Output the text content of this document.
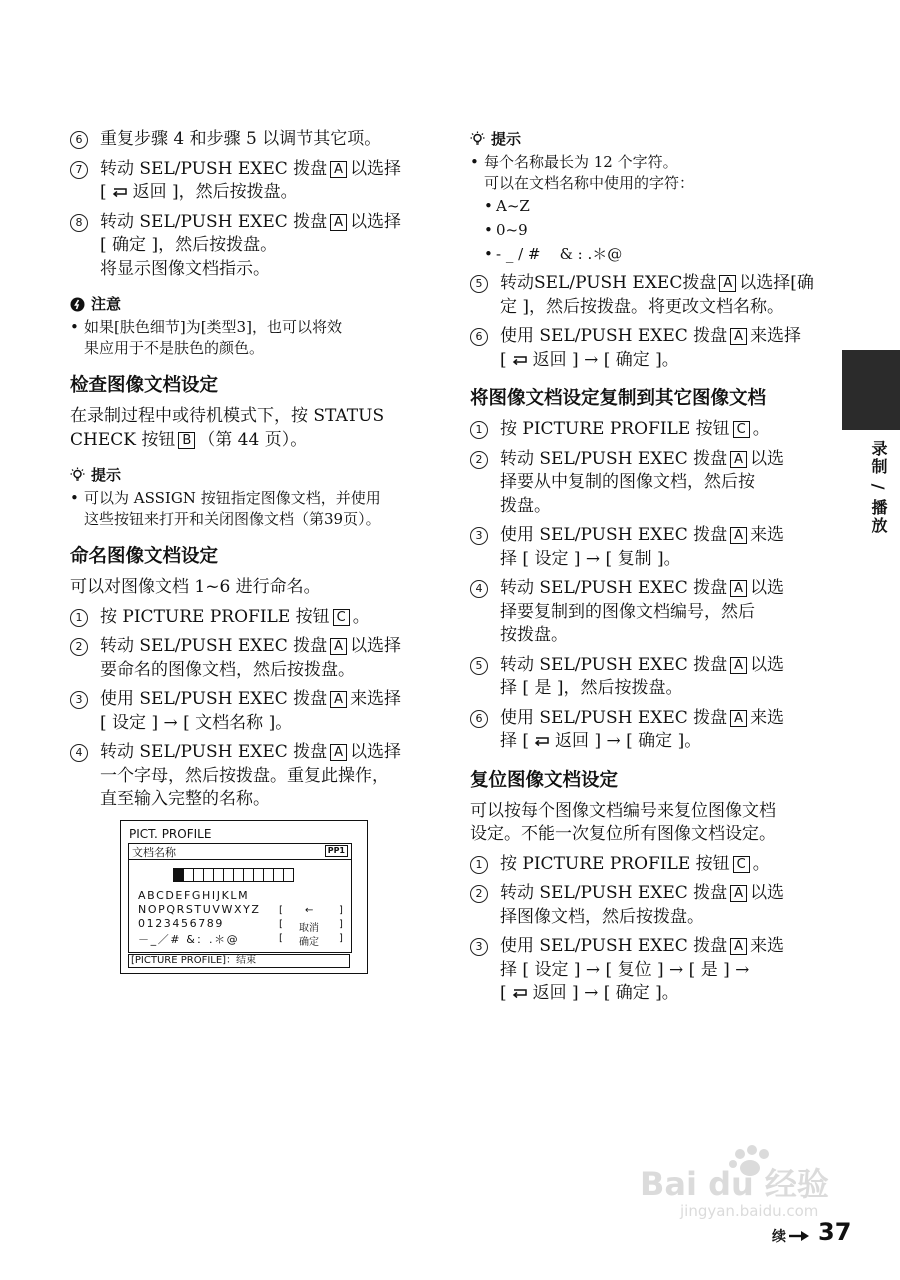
6	重复步骤 4 和步骤 5 以调节其它项。
7	转动 SEL/PUSH EXEC 拨盘 A 以选择
[ 返回 ]，然后按拨盘。
8	转动 SEL/PUSH EXEC 拨盘 A 以选择
[ 确定 ]，然后按拨盘。
将显示图像文档指示。
注意
• 如果[肤色细节]为[类型3]，也可以将效
果应用于不是肤色的颜色。
检查图像文档设定
在录制过程中或待机模式下，按 STATUS
CHECK 按钮 B （第 44 页）。
提示
• 可以为 ASSIGN 按钮指定图像文档，并使用
这些按钮来打开和关闭图像文档（第39页）。
命名图像文档设定
可以对图像文档 1~6 进行命名。
1	按 PICTURE PROFILE 按钮 C 。
2	转动 SEL/PUSH EXEC 拨盘 A 以选择
要命名的图像文档，然后按拨盘。
3	使用 SEL/PUSH EXEC 拨盘 A 来选择
[ 设定 ] → [ 文档名称 ]。
4	转动 SEL/PUSH EXEC 拨盘 A 以选择
一个字母，然后按拨盘。重复此操作，
直至输入完整的名称。
PICT. PROFILE
文档名称	PP1
ABCDEFGHIJKLM
NOPQRSTUVWXYZ
0123456789
－_／# &：.＊@
[ ←	]
[ 取消 ]
[ 确定 ]
[PICTURE PROFILE]：结束
提示
• 每个名称最长为 12 个字符。
可以在文档名称中使用的字符：
• A~Z
• 0~9
• - _ / #    & : .＊@
5	转动SEL/PUSH EXEC拨盘 A 以选择[确
定 ]，然后按拨盘。将更改文档名称。
6	使用 SEL/PUSH EXEC 拨盘 A 来选择
[ 返回 ] → [ 确定 ]。
将图像文档设定复制到其它图像文档
1	按 PICTURE PROFILE 按钮 C 。
2	转动 SEL/PUSH EXEC 拨盘 A 以选
择要从中复制的图像文档，然后按
拨盘。
3	使用 SEL/PUSH EXEC 拨盘 A 来选
择 [ 设定 ] → [ 复制 ]。
4	转动 SEL/PUSH EXEC 拨盘 A 以选
择要复制到的图像文档编号，然后
按拨盘。
5	转动 SEL/PUSH EXEC 拨盘 A 以选
择 [ 是 ]，然后按拨盘。
6	使用 SEL/PUSH EXEC 拨盘 A 来选
择 [ 返回 ] → [ 确定 ]。
复位图像文档设定
可以按每个图像文档编号来复位图像文档
设定。不能一次复位所有图像文档设定。
1	按 PICTURE PROFILE 按钮 C 。
2	转动 SEL/PUSH EXEC 拨盘 A 以选
择图像文档，然后按拨盘。
3	使用 SEL/PUSH EXEC 拨盘 A 来选
择 [ 设定 ] → [ 复位 ] → [ 是 ] →
[ 返回 ] → [ 确定 ]。
录制 / 播放
Bai du 经验
jingyan.baidu.com
续 37
